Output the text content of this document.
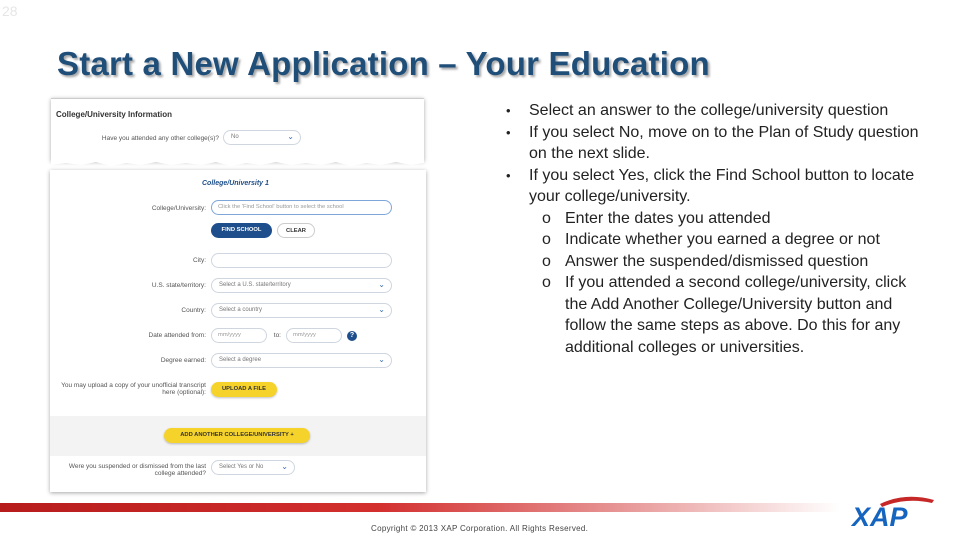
28
Start a New Application – Your Education
College/University Information
Have you attended any other college(s)? No	⌄
College/University 1
College/University: Click the 'Find School' button to select the school
FIND SCHOOL	CLEAR
City:
U.S. state/territory: Select a U.S. state/territory	⌄
Country: Select a country	⌄
Date attended from: mm/yyyy	to: mm/yyyy	?
Degree earned: Select a degree	⌄
You may upload a copy of your unofficial transcript
here (optional):	UPLOAD A FILE
ADD ANOTHER COLLEGE/UNIVERSITY +
Were you suspended or dismissed from the last
college attended?
Select Yes or No ⌄
• Select an answer to the college/university question
• If you select No, move on to the Plan of Study question on the next slide.
• If you select Yes, click the Find School button to locate your college/university.
o Enter the dates you attended
o Indicate whether you earned a degree or not
o Answer the suspended/dismissed question
o If you attended a second college/university, click the Add Another College/University button and follow the same steps as above. Do this for any additional colleges or universities.
Copyright © 2013 XAP Corporation. All Rights Reserved.	XAP
